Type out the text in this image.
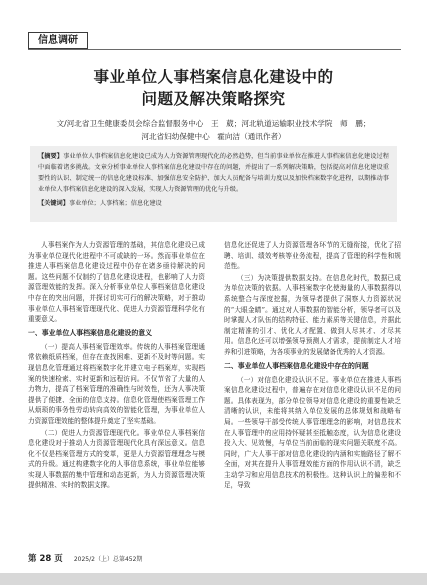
信息调研
事业单位人事档案信息化建设中的
问题及解决策略探究
文/河北省卫生健康委员会综合监督服务中心　王　葳；河北轨道运输职业技术学院　师　鹏；
河北省妇幼保健中心　霍向洁（通讯作者）

【摘要】事业单位人事档案信息化建设已成为人力资源管理现代化的必然趋势，但当前事业单位在推进人事档案信息化建设过程中面临着诸多挑战。文章分析事业单位人事档案信息化建设中存在的问题，并提出了一系列解决策略，包括提高对信息化建设重要性的认识、制定统一的信息化建设标准、加强信息安全防护、加大人员配备与培训力度以及加快档案数字化进程，以期推动事业单位人事档案信息化建设的深入发展，实现人力资源管理的优化与升级。

【关键词】事业单位；人事档案；信息化建设

人事档案作为人力资源管理的基础，其信息化建设已成为事业单位现代化进程中不可或缺的一环。然而事业单位在推进人事档案信息化建设过程中仍存在诸多亟待解决的问题。这些问题不仅制约了信息化建设进程，也影响了人力资源管理效能的发挥。深入分析事业单位人事档案信息化建设中存在的突出问题，并探讨切实可行的解决策略，对于推动事业单位人事档案管理现代化、促进人力资源管理科学化有重要意义。

一、事业单位人事档案信息化建设的意义

（一）提高人事档案管理效率。传统的人事档案管理通常依赖纸质档案，但存在查找困难、更新不及时等问题。实现信息化管理通过将档案数字化并建立电子档案库，实现档案的快速检索、实时更新和远程访问。不仅节省了大量的人力物力，提高了档案管理的准确性与时效性，还为人事决策提供了便捷、全面的信息支持。信息化管理使档案管理工作从烦琐的事务性劳动转向高效的智能化管理，为事业单位人力资源管理效能的整体提升奠定了坚实基础。

（二）促进人力资源管理现代化。事业单位人事档案信息化建设对于推动人力资源管理现代化具有深远意义。信息化不仅是档案管理方式的变革，更是人力资源管理理念与模式的升级。通过构建数字化的人事信息系统，事业单位能够实现人事数据的集中管理和动态更新，为人力资源管理决策提供精准、实时的数据支撑。

信息化还促进了人力资源管理各环节的无缝衔接，优化了招聘、培训、绩效考核等业务流程，提高了管理的科学性和规范性。

（三）为决策提供数据支持。在信息化时代，数据已成为单位决策的依据。人事档案数字化使海量的人事数据得以系统整合与深度挖掘，为领导者提供了洞察人力资源状况的“大眼金睛”。通过对人事数据的智能分析，领导者可以及时掌握人才队伍的结构特征、能力素质等关键信息，并据此制定精准的引才、优化人才配置、做到人尽其才、才尽其用。信息化还可以增强领导预测人才需求，提前制定人才培养和引进策略，为各项事业的发展储备优秀的人才资源。

二、事业单位人事档案信息化建设中存在的问题

（一）对信息化建设认识不足。事业单位在推进人事档案信息化建设过程中，普遍存在对信息化建设认识不足的问题。具体表现为，部分单位领导对信息化建设的重要性缺乏清晰的认识，未能将其纳入单位发展的总体规划和战略布局。一些领导干部受传统人事管理理念的影响，对信息技术在人事管理中的应用持怀疑甚至抵触态度，认为信息化建设投入大、见效慢，与单位当前面临的现实问题关联度不高。同时，广大人事干部对信息化建设的内涵和实施路径了解不全面，对其在提升人事管理效能方面的作用认识不清，缺乏主动学习和应用信息技术的积极性。这种认识上的偏差和不足，导致

第 28 页 2025/2（上）总第452期
